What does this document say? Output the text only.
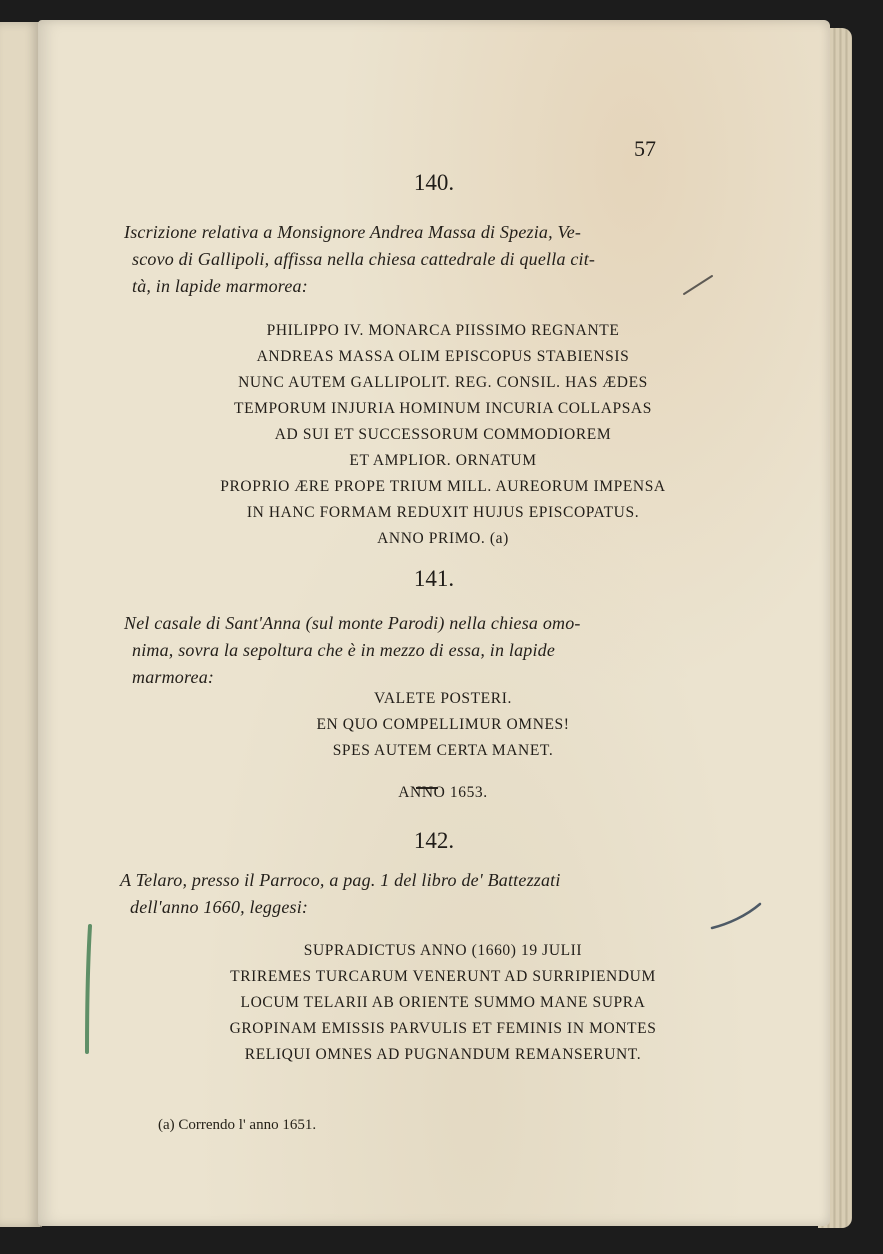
57
140.
Iscrizione relativa a Monsignore Andrea Massa di Spezia, Ve-
scovo di Gallipoli, affissa nella chiesa cattedrale di quella cit-
tà, in lapide marmorea:
PHILIPPO IV. MONARCA PIISSIMO REGNANTE
ANDREAS MASSA OLIM EPISCOPUS STABIENSIS
NUNC AUTEM GALLIPOLIT. REG. CONSIL. HAS ÆDES
TEMPORUM INJURIA HOMINUM INCURIA COLLAPSAS
AD SUI ET SUCCESSORUM COMMODIOREM
ET AMPLIOR. ORNATUM
PROPRIO ÆRE PROPE TRIUM MILL. AUREORUM IMPENSA
IN HANC FORMAM REDUXIT HUJUS EPISCOPATUS.
ANNO PRIMO. (a)
141.
Nel casale di Sant'Anna (sul monte Parodi) nella chiesa omo-
nima, sovra la sepoltura che è in mezzo di essa, in lapide
marmorea:
VALETE POSTERI.
EN QUO COMPELLIMUR OMNES!
SPES AUTEM CERTA MANET.
ANNO 1653.
142.
A Telaro, presso il Parroco, a pag. 1 del libro de' Battezzati
dell'anno 1660, leggesi:
SUPRADICTUS ANNO (1660) 19 JULII
TRIREMES TURCARUM VENERUNT AD SURRIPIENDUM
LOCUM TELARII AB ORIENTE SUMMO MANE SUPRA
GROPINAM EMISSIS PARVULIS ET FEMINIS IN MONTES
RELIQUI OMNES AD PUGNANDUM REMANSERUNT.
(a) Correndo l' anno 1651.
